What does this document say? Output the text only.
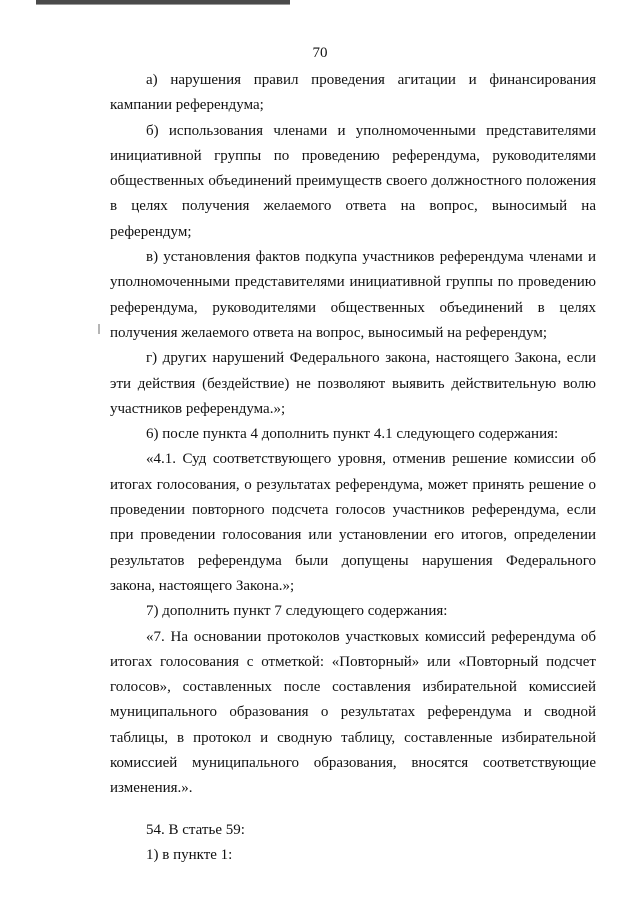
70

а) нарушения правил проведения агитации и финансирования кампании референдума;

б) использования членами и уполномоченными представителями инициативной группы по проведению референдума, руководителями общественных объединений преимуществ своего должностного положения в целях получения желаемого ответа на вопрос, выносимый на референдум;

в) установления фактов подкупа участников референдума членами и уполномоченными представителями инициативной группы по проведению референдума, руководителями общественных объединений в целях получения желаемого ответа на вопрос, выносимый на референдум;

г) других нарушений Федерального закона, настоящего Закона, если эти действия (бездействие) не позволяют выявить действительную волю участников референдума.»;

6) после пункта 4 дополнить пункт 4.1 следующего содержания:

«4.1. Суд соответствующего уровня, отменив решение комиссии об итогах голосования, о результатах референдума, может принять решение о проведении повторного подсчета голосов участников референдума, если при проведении голосования или установлении его итогов, определении результатов референдума были допущены нарушения Федерального закона, настоящего Закона.»;

7) дополнить пункт 7 следующего содержания:

«7. На основании протоколов участковых комиссий референдума об итогах голосования с отметкой: «Повторный» или «Повторный подсчет голосов», составленных после составления избирательной комиссией муниципального образования о результатах референдума и сводной таблицы, в протокол и сводную таблицу, составленные избирательной комиссией муниципального образования, вносятся соответствующие изменения.».

54. В статье 59:

1) в пункте 1:
